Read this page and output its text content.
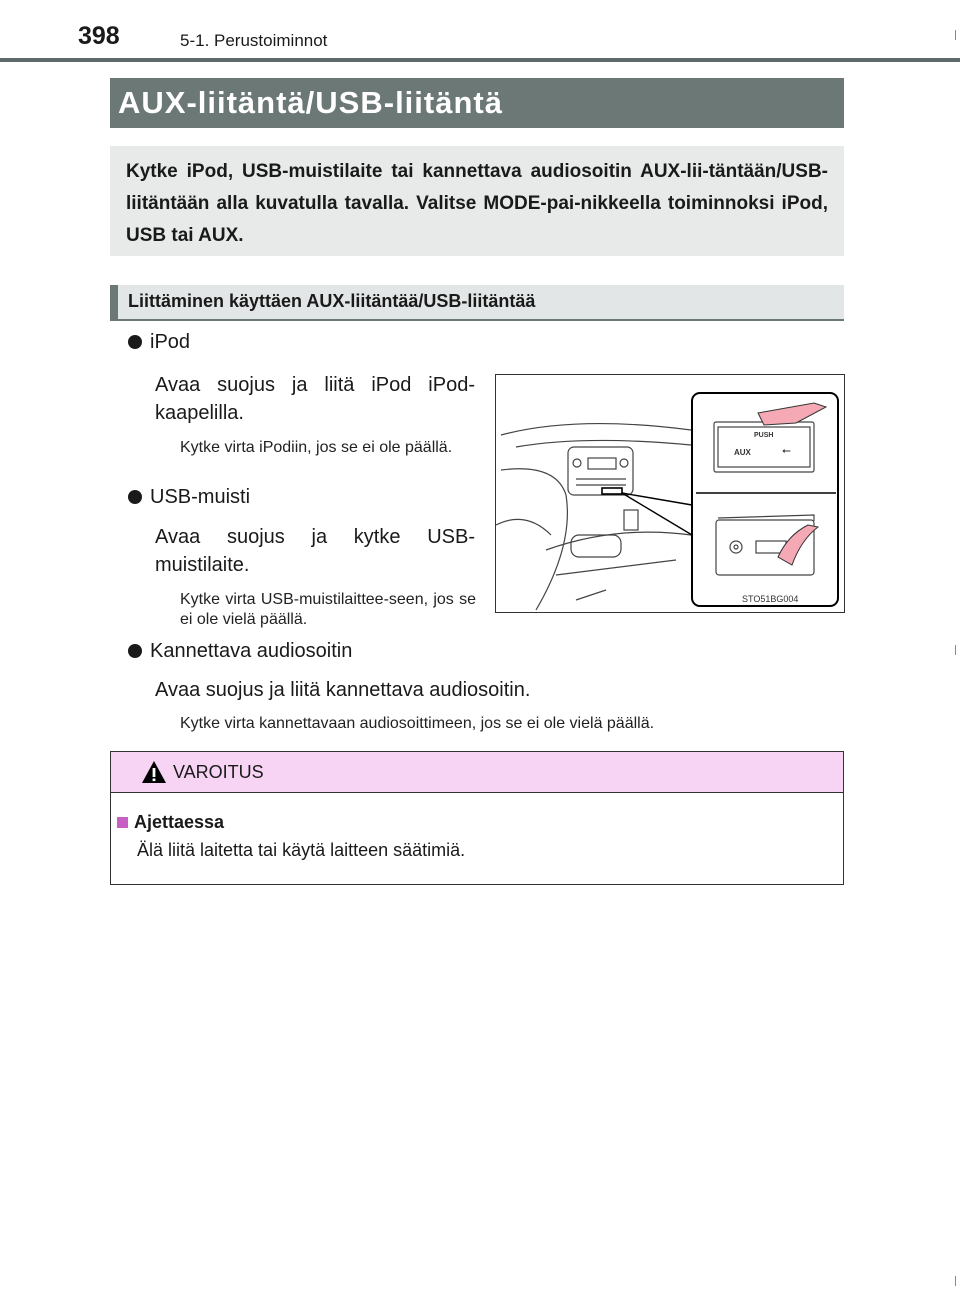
398	5-1. Perustoiminnot
AUX-liitäntä/USB-liitäntä

Kytke iPod, USB-muistilaite tai kannettava audiosoitin AUX-lii-täntään/USB-liitäntään alla kuvatulla tavalla. Valitse MODE-pai-nikkeella toiminnoksi iPod, USB tai AUX.

Liittäminen käyttäen AUX-liitäntää/USB-liitäntää
iPod
Avaa suojus ja liitä iPod iPod-kaapelilla.
Kytke virta iPodiin, jos se ei ole päällä.
USB-muisti
Avaa suojus ja kytke USB-muistilaite.
Kytke virta USB-muistilaittee-seen, jos se ei ole vielä päällä.
Kannettava audiosoitin
Avaa suojus ja liitä kannettava audiosoitin.
Kytke virta kannettavaan audiosoittimeen, jos se ei ole vielä päällä.
PUSH
AUX	⭠
STO51BG004
VAROITUS
Ajettaessa
Älä liitä laitetta tai käytä laitteen säätimiä.
